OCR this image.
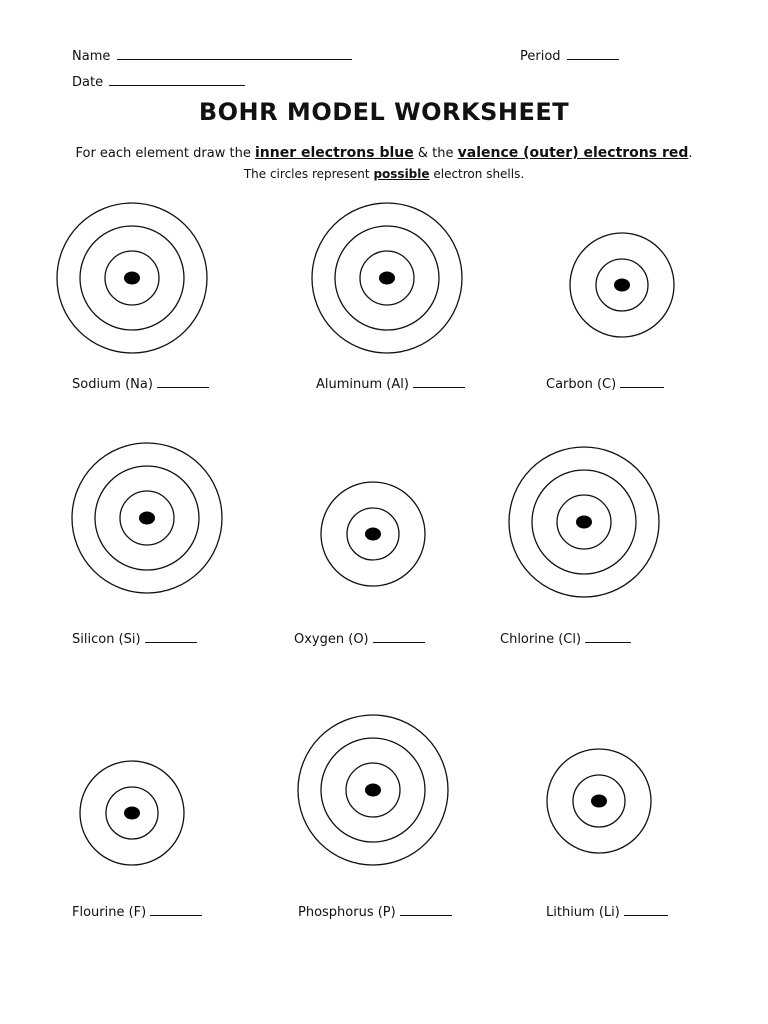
Name
Date
Period
BOHR MODEL WORKSHEET
For each element draw the inner electrons blue & the valence (outer) electrons red.
The circles represent possible electron shells.
Sodium (Na)	Aluminum (Al)	Carbon (C)
Silicon (Si)	Oxygen (O)	Chlorine (Cl)
Flourine (F)	Phosphorus (P)	Lithium (Li)
